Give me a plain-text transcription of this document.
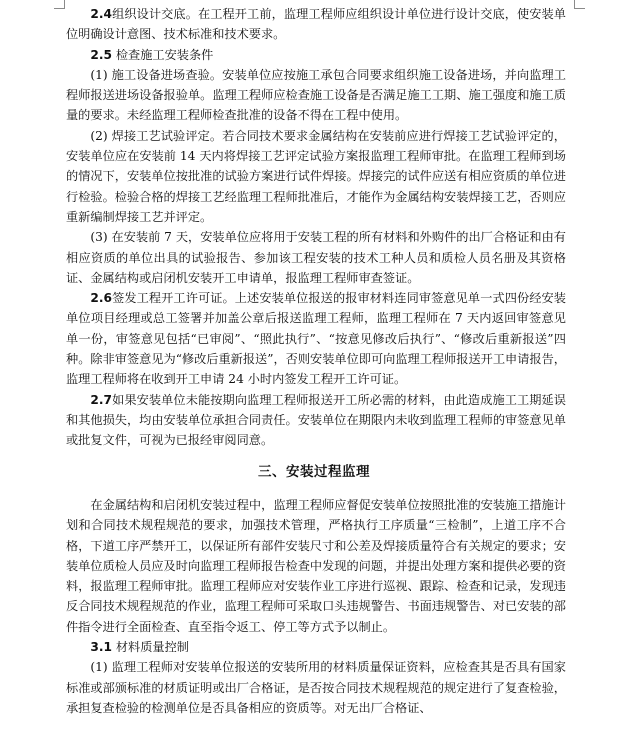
2.4组织设计交底。在工程开工前，监理工程师应组织设计单位进行设计交底，使安装单位明确设计意图、技术标准和技术要求。

2.5 检查施工安装条件

(1) 施工设备进场查验。安装单位应按施工承包合同要求组织施工设备进场，并向监理工程师报送进场设备报验单。监理工程师应检查施工设备是否满足施工工期、施工强度和施工质量的要求。未经监理工程师检查批准的设备不得在工程中使用。

(2) 焊接工艺试验评定。若合同技术要求金属结构在安装前应进行焊接工艺试验评定的，安装单位应在安装前 14 天内将焊接工艺评定试验方案报监理工程师审批。在监理工程师到场的情况下，安装单位按批准的试验方案进行试件焊接。焊接完的试件应送有相应资质的单位进行检验。检验合格的焊接工艺经监理工程师批准后，才能作为金属结构安装焊接工艺，否则应重新编制焊接工艺并评定。

(3) 在安装前 7 天，安装单位应将用于安装工程的所有材料和外购件的出厂合格证和由有相应资质的单位出具的试验报告、参加该工程安装的技术工种人员和质检人员名册及其资格证、金属结构或启闭机安装开工申请单，报监理工程师审查签证。

2.6签发工程开工许可证。上述安装单位报送的报审材料连同审签意见单一式四份经安装单位项目经理或总工签署并加盖公章后报送监理工程师，监理工程师在 7 天内返回审签意见单一份，审签意见包括“已审阅”、“照此执行”、“按意见修改后执行”、“修改后重新报送”四种。除非审签意见为“修改后重新报送”，否则安装单位即可向监理工程师报送开工申请报告，监理工程师将在收到开工申请 24 小时内签发工程开工许可证。

2.7如果安装单位未能按期向监理工程师报送开工所必需的材料，由此造成施工工期延误和其他损失，均由安装单位承担合同责任。安装单位在期限内未收到监理工程师的审签意见单或批复文件，可视为已报经审阅同意。

三、安装过程监理

在金属结构和启闭机安装过程中，监理工程师应督促安装单位按照批准的安装施工措施计划和合同技术规程规范的要求，加强技术管理，严格执行工序质量“三检制”，上道工序不合格，下道工序严禁开工，以保证所有部件安装尺寸和公差及焊接质量符合有关规定的要求；安装单位质检人员应及时向监理工程师报告检查中发现的问题，并提出处理方案和提供必要的资料，报监理工程师审批。监理工程师应对安装作业工序进行巡视、跟踪、检查和记录，发现违反合同技术规程规范的作业，监理工程师可采取口头违规警告、书面违规警告、对已安装的部件指令进行全面检查、直至指令返工、停工等方式予以制止。

3.1 材料质量控制

(1) 监理工程师对安装单位报送的安装所用的材料质量保证资料，应检查其是否具有国家标准或部颁标准的材质证明或出厂合格证，是否按合同技术规程规范的规定进行了复查检验，承担复查检验的检测单位是否具备相应的资质等。对无出厂合格证、
